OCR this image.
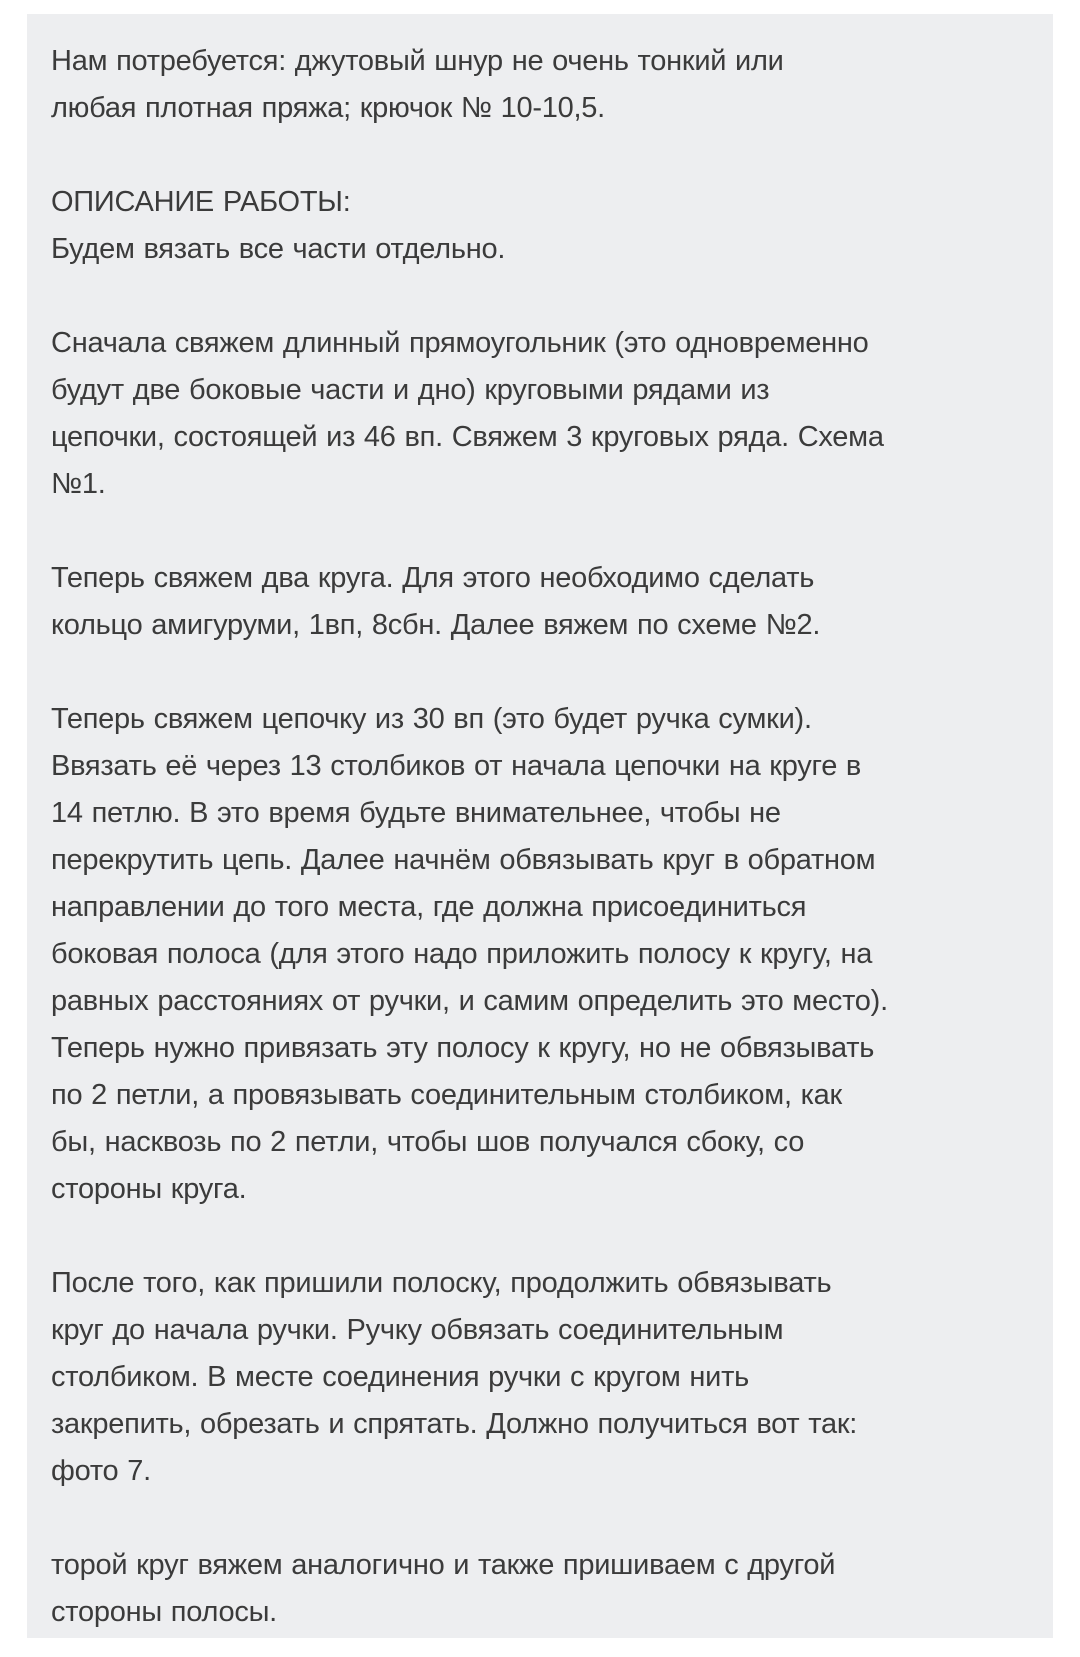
Нам потребуется: джутовый шнур не очень тонкий или
любая плотная пряжа; крючок № 10-10,5.

ОПИСАНИЕ РАБОТЫ:
Будем вязать все части отдельно.

Сначала свяжем длинный прямоугольник (это одновременно
будут две боковые части и дно) круговыми рядами из
цепочки, состоящей из 46 вп. Свяжем 3 круговых ряда. Схема
№1.

Теперь свяжем два круга. Для этого необходимо сделать
кольцо амигуруми, 1вп, 8сбн. Далее вяжем по схеме №2.

Теперь свяжем цепочку из 30 вп (это будет ручка сумки).
Ввязать её через 13 столбиков от начала цепочки на круге в
14 петлю. В это время будьте внимательнее, чтобы не
перекрутить цепь. Далее начнём обвязывать круг в обратном
направлении до того места, где должна присоединиться
боковая полоса (для этого надо приложить полосу к кругу, на
равных расстояниях от ручки, и самим определить это место).
Теперь нужно привязать эту полосу к кругу, но не обвязывать
по 2 петли, а провязывать соединительным столбиком, как
бы, насквозь по 2 петли, чтобы шов получался сбоку, со
стороны круга.

После того, как пришили полоску, продолжить обвязывать
круг до начала ручки. Ручку обвязать соединительным
столбиком. В месте соединения ручки с кругом нить
закрепить, обрезать и спрятать. Должно получиться вот так:
фото 7.

торой круг вяжем аналогично и также пришиваем с другой
стороны полосы.
